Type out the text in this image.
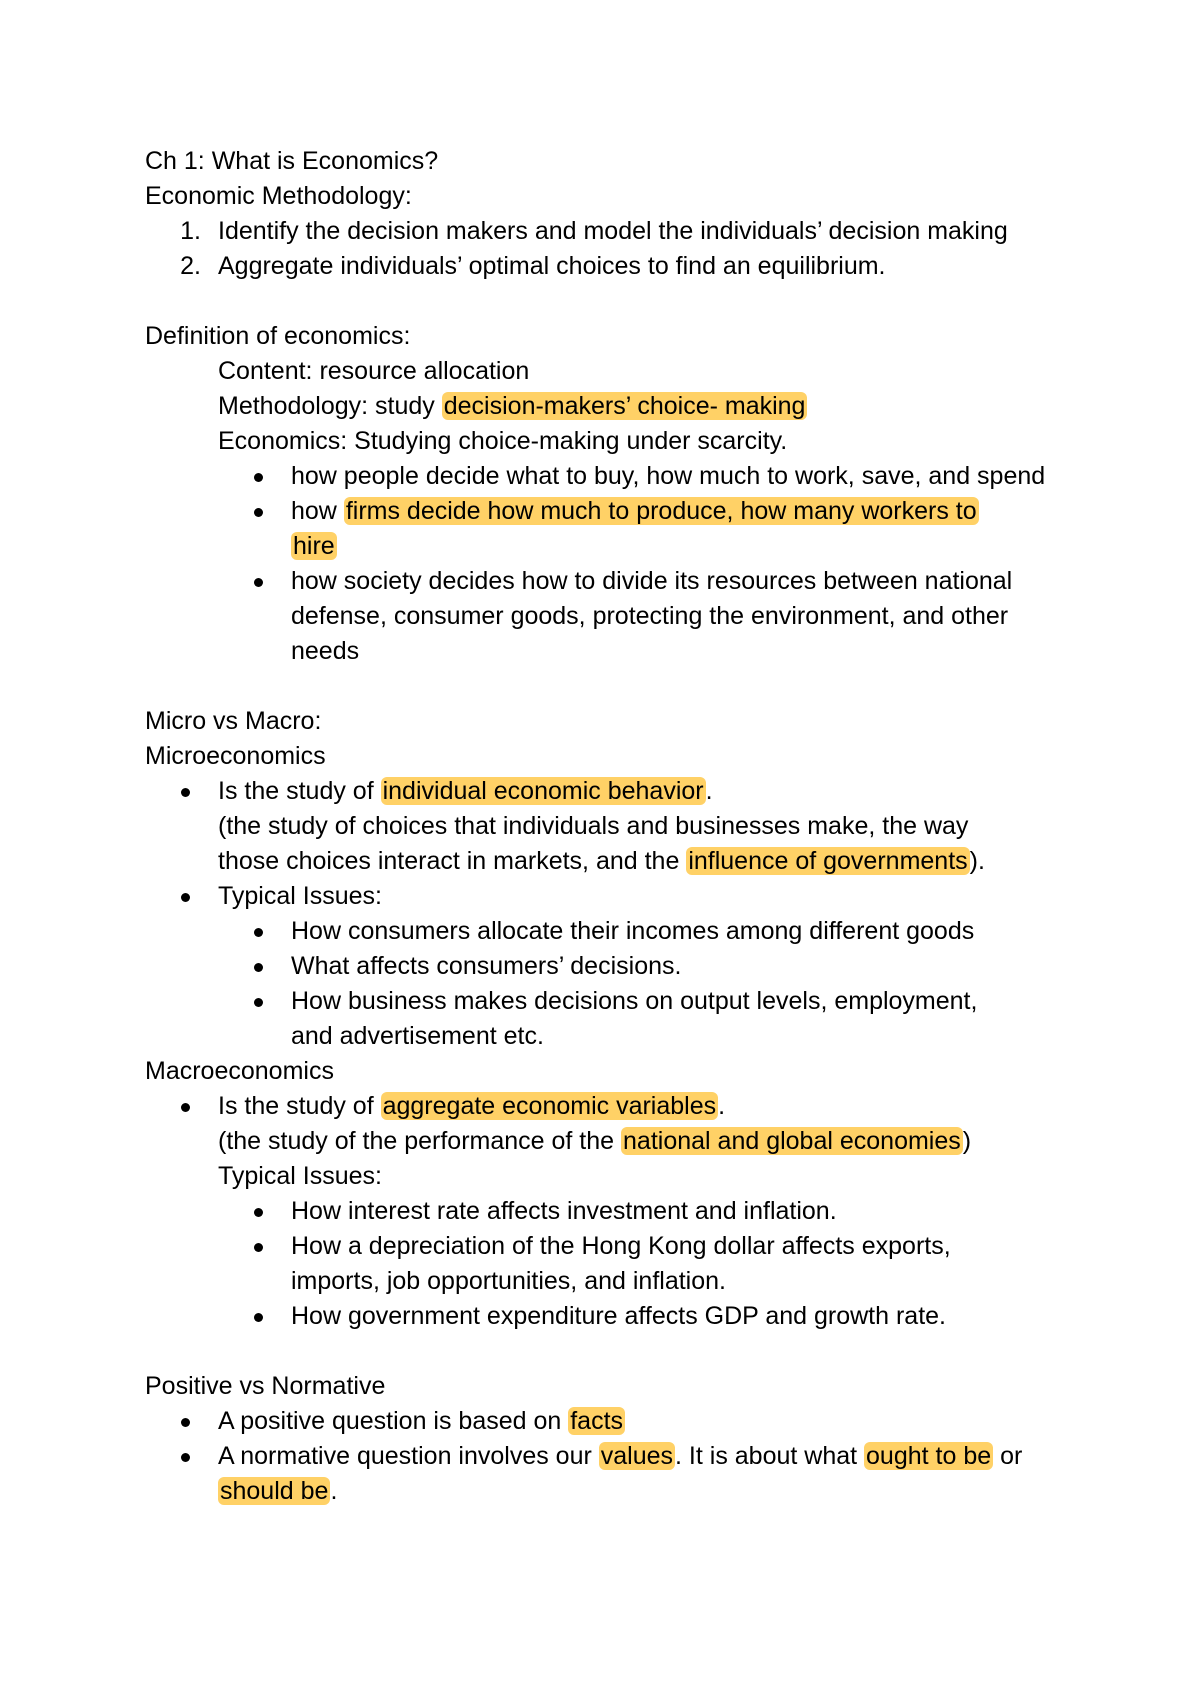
Ch 1: What is Economics?

Economic Methodology:

1. Identify the decision makers and model the individuals’ decision making
2. Aggregate individuals’ optimal choices to find an equilibrium.

Definition of economics:

Content: resource allocation

Methodology: study decision-makers’ choice- making

Economics: Studying choice-making under scarcity.

how people decide what to buy, how much to work, save, and spend
how firms decide how much to produce, how many workers to
hire
how society decides how to divide its resources between national defense, consumer goods, protecting the environment, and other needs

Micro vs Macro:

Microeconomics

Is the study of individual economic behavior.
(the study of choices that individuals and businesses make, the way
those choices interact in markets, and the influence of governments).
Typical Issues:
How consumers allocate their incomes among different goods
What affects consumers’ decisions.
How business makes decisions on output levels, employment, and advertisement etc.

Macroeconomics

Is the study of aggregate economic variables.
(the study of the performance of the national and global economies)
Typical Issues:
How interest rate affects investment and inflation.
How a depreciation of the Hong Kong dollar affects exports, imports, job opportunities, and inflation.
How government expenditure affects GDP and growth rate.

Positive vs Normative

A positive question is based on facts
A normative question involves our values. It is about what ought to be or
should be.
